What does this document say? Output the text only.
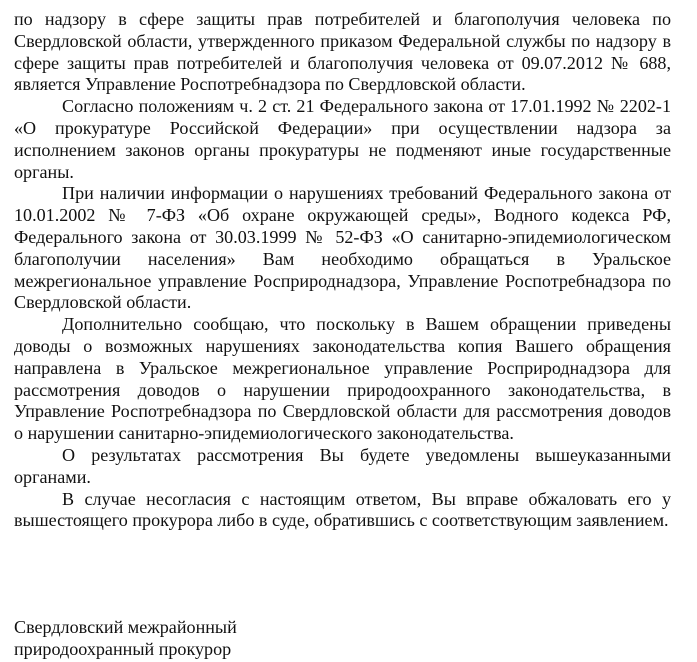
по надзору в сфере защиты прав потребителей и благополучия человека по Свердловской области, утвержденного приказом Федеральной службы по надзору в сфере защиты прав потребителей и благополучия человека от 09.07.2012 № 688, является Управление Роспотребнадзора по Свердловской области.

Согласно положениям ч. 2 ст. 21 Федерального закона от 17.01.1992 № 2202-1 «О прокуратуре Российской Федерации» при осуществлении надзора за исполнением законов органы прокуратуры не подменяют иные государственные органы.

При наличии информации о нарушениях требований Федерального закона от 10.01.2002 № 7-ФЗ «Об охране окружающей среды», Водного кодекса РФ, Федерального закона от 30.03.1999 № 52-ФЗ «О санитарно-эпидемиологическом благополучии населения» Вам необходимо обращаться в Уральское межрегиональное управление Росприроднадзора, Управление Роспотребнадзора по Свердловской области.

Дополнительно сообщаю, что поскольку в Вашем обращении приведены доводы о возможных нарушениях законодательства копия Вашего обращения направлена в Уральское межрегиональное управление Росприроднадзора для рассмотрения доводов о нарушении природоохранного законодательства, в Управление Роспотребнадзора по Свердловской области для рассмотрения доводов о нарушении санитарно-эпидемиологического законодательства.

О результатах рассмотрения Вы будете уведомлены вышеуказанными органами.

В случае несогласия с настоящим ответом, Вы вправе обжаловать его у вышестоящего прокурора либо в суде, обратившись с соответствующим заявлением.

Свердловский межрайонный
природоохранный прокурор
